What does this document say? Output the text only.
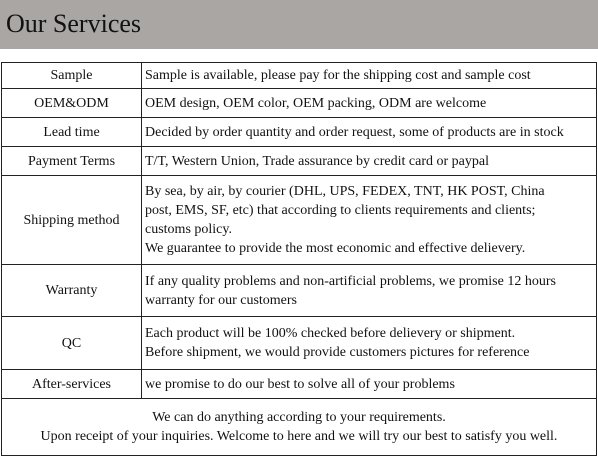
Our Services
Sample	Sample is available, please pay for the shipping cost and sample cost

OEM&ODM	OEM design, OEM color, OEM packing, ODM are welcome

Lead time	Decided by order quantity and order request, some of products are in stock

Payment Terms	T/T, Western Union, Trade assurance by credit card or paypal

Shipping method	By sea, by air, by courier (DHL, UPS, FEDEX, TNT, HK POST, China
post, EMS, SF, etc) that according to clients requirements and clients;
customs policy.
We guarantee to provide the most economic and effective delievery.

Warranty	If any quality problems and non-artificial problems, we promise 12 hours
warranty for our customers

QC	Each product will be 100% checked before delievery or shipment.
Before shipment, we would provide customers pictures for reference

After-services	we promise to do our best to solve all of your problems

We can do anything according to your requirements.
Upon receipt of your inquiries. Welcome to here and we will try our best to satisfy you well.	
